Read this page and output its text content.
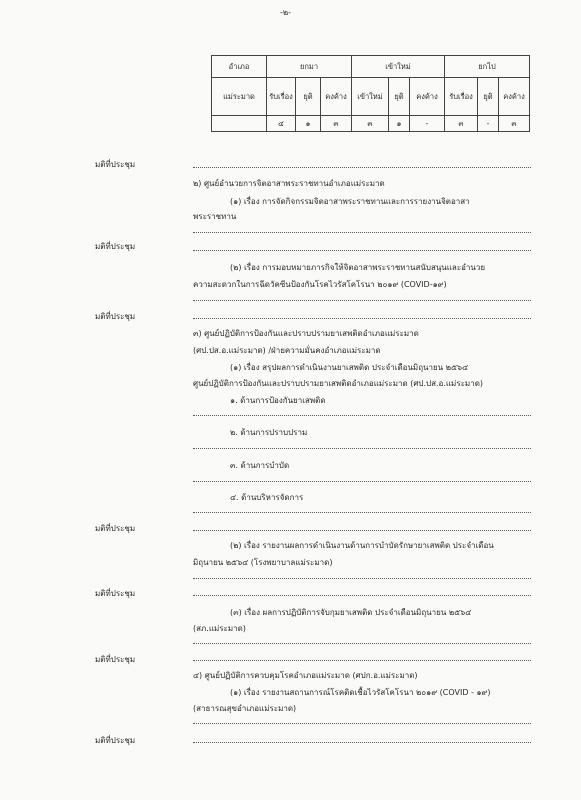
-๒-
อำเภอ	ยกมา			เข้าใหม่			ยกไป		
แม่ระมาด	รับเรื่อง	ยุติ	คงค้าง	เข้าใหม่	ยุติ	คงค้าง	รับเรื่อง	ยุติ	คงค้าง
	๔	๑	๓	๓	๑	-	๓	-	๓
มติที่ประชุม
๒) ศูนย์อำนวยการจิตอาสาพระราชทานอำเภอแม่ระมาด
(๑) เรื่อง การจัดกิจกรรมจิตอาสาพระราชทานและการรายงานจิตอาสา
พระราชทาน
มติที่ประชุม
(๒) เรื่อง การมอบหมายภารกิจให้จิตอาสาพระราชทานสนับสนุนและอำนวย
ความสะดวกในการฉีดวัคซีนป้องกันโรคไวรัสโคโรนา ๒๐๑๙ (COVID-๑๙)
มติที่ประชุม
๓) ศูนย์ปฏิบัติการป้องกันและปราบปรามยาเสพติดอำเภอแม่ระมาด
(ศป.ปส.อ.แม่ระมาด) /ฝ่ายความมั่นคงอำเภอแม่ระมาด
(๑) เรื่อง สรุปผลการดำเนินงานยาเสพติด ประจำเดือนมิถุนายน ๒๕๖๔
ศูนย์ปฏิบัติการป้องกันและปราบปรามยาเสพติดอำเภอแม่ระมาด (ศป.ปส.อ.แม่ระมาด)
๑. ด้านการป้องกันยาเสพติด
๒. ด้านการปราบปราม
๓. ด้านการบำบัด
๔. ด้านบริหารจัดการ
มติที่ประชุม
(๒) เรื่อง รายงานผลการดำเนินงานด้านการบำบัดรักษายาเสพติด ประจำเดือน
มิถุนายน ๒๕๖๔ (โรงพยาบาลแม่ระมาด)
มติที่ประชุม
(๓) เรื่อง ผลการปฏิบัติการจับกุมยาเสพติด ประจำเดือนมิถุนายน ๒๕๖๔
(สภ.แม่ระมาด)
มติที่ประชุม
๔) ศูนย์ปฏิบัติการควบคุมโรคอำเภอแม่ระมาด (ศปก.อ.แม่ระมาด)
(๑) เรื่อง รายงานสถานการณ์โรคติดเชื้อไวรัสโคโรนา ๒๐๑๙ (COVID - ๑๙)
(สาธารณสุขอำเภอแม่ระมาด)
มติที่ประชุม
